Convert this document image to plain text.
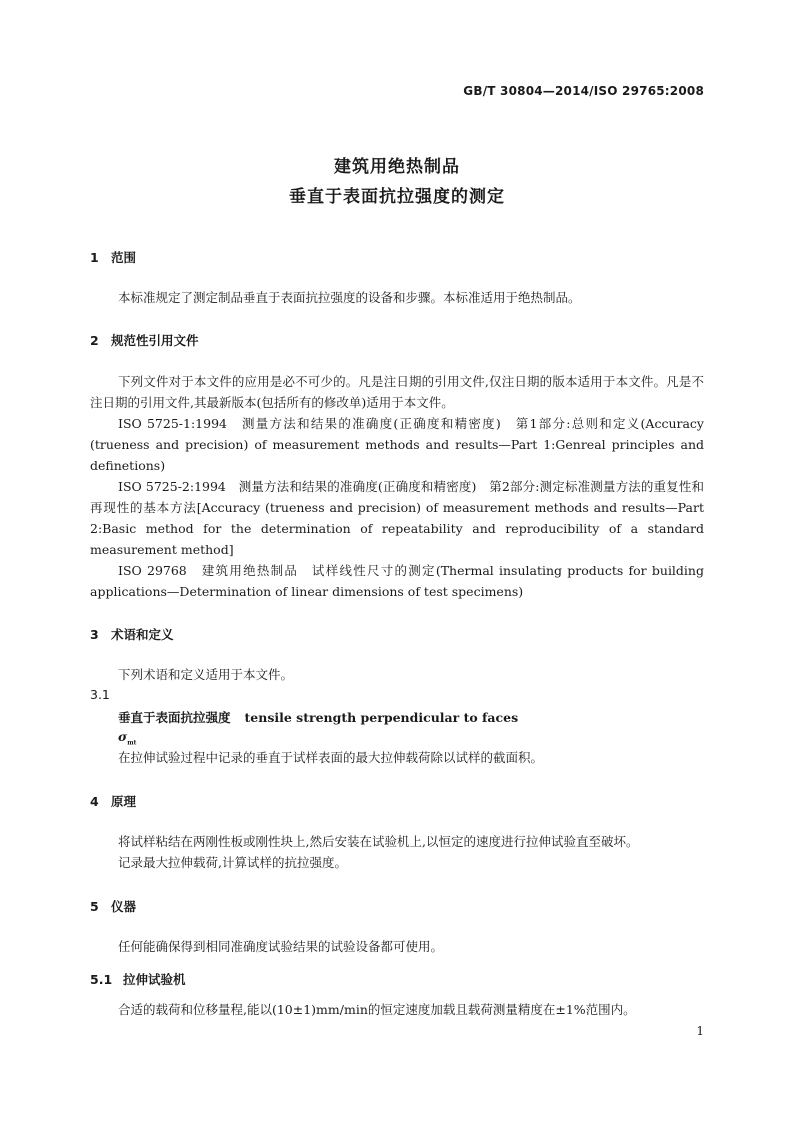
GB/T 30804—2014/ISO 29765:2008
建筑用绝热制品
垂直于表面抗拉强度的测定
1 范围
本标准规定了测定制品垂直于表面抗拉强度的设备和步骤。本标准适用于绝热制品。
2 规范性引用文件
下列文件对于本文件的应用是必不可少的。凡是注日期的引用文件,仅注日期的版本适用于本文件。凡是不注日期的引用文件,其最新版本(包括所有的修改单)适用于本文件。
ISO 5725-1:1994　测量方法和结果的准确度(正确度和精密度)　第1部分:总则和定义(Accuracy (trueness and precision) of measurement methods and results—Part 1:Genreal principles and definetions)
ISO 5725-2:1994　测量方法和结果的准确度(正确度和精密度)　第2部分:测定标准测量方法的重复性和再现性的基本方法[Accuracy (trueness and precision) of measurement methods and results—Part 2:Basic method for the determination of repeatability and reproducibility of a standard measurement method]
ISO 29768　建筑用绝热制品　试样线性尺寸的测定(Thermal insulating products for building applications—Determination of linear dimensions of test specimens)
3 术语和定义
下列术语和定义适用于本文件。
3.1
垂直于表面抗拉强度 tensile strength perpendicular to faces
$\sigma_{mt}$
在拉伸试验过程中记录的垂直于试样表面的最大拉伸载荷除以试样的截面积。
4 原理
将试样粘结在两刚性板或刚性块上,然后安装在试验机上,以恒定的速度进行拉伸试验直至破坏。
记录最大拉伸载荷,计算试样的抗拉强度。
5 仪器
任何能确保得到相同准确度试验结果的试验设备都可使用。
5.1 拉伸试验机
合适的载荷和位移量程,能以(10±1)mm/min的恒定速度加载且载荷测量精度在±1%范围内。
1
